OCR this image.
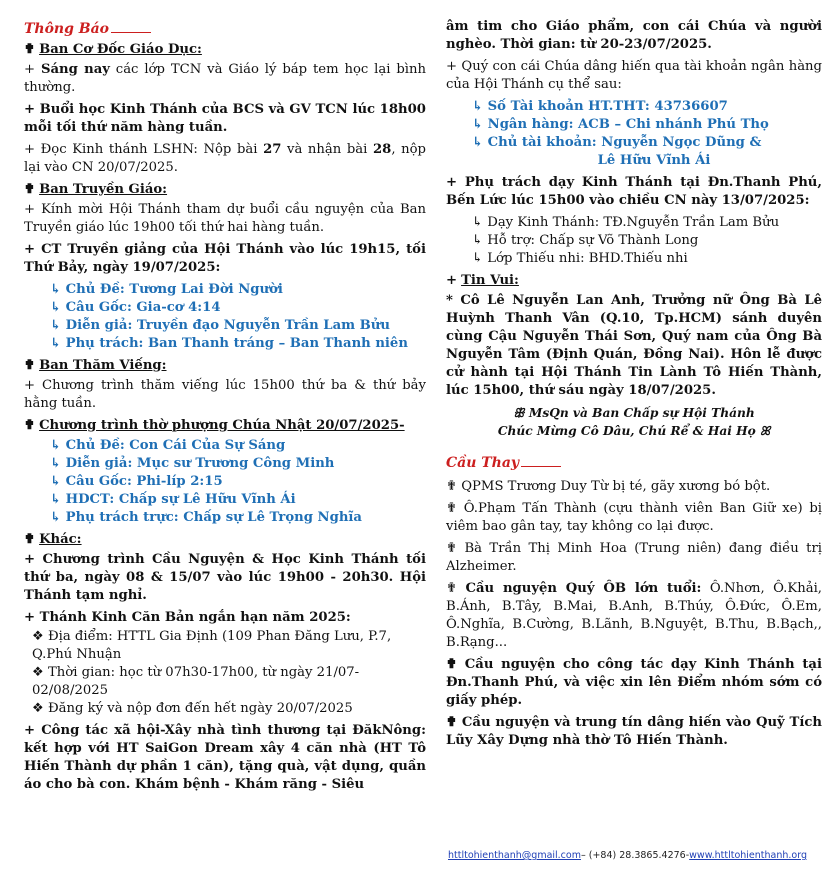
Thông Báo
✟ Ban Cơ Đốc Giáo Dục:

+ Sáng nay các lớp TCN và Giáo lý báp tem học lại bình thường.

+ Buổi học Kinh Thánh của BCS và GV TCN lúc 18h00 mỗi tối thứ năm hàng tuần.

+ Đọc Kinh thánh LSHN: Nộp bài 27 và nhận bài 28, nộp lại vào CN 20/07/2025.

✟ Ban Truyền Giáo:

+ Kính mời Hội Thánh tham dự buổi cầu nguyện của Ban Truyền giáo lúc 19h00 tối thứ hai hàng tuần.

+ CT Truyền giảng của Hội Thánh vào lúc 19h15, tối Thứ Bảy, ngày 19/07/2025:

↳ Chủ Đề: Tương Lai Đời Người
↳ Câu Gốc: Gia-cơ 4:14
↳ Diễn giả: Truyền đạo Nguyễn Trần Lam Bửu
↳ Phụ trách: Ban Thanh tráng – Ban Thanh niên
✟ Ban Thăm Viếng:

+ Chương trình thăm viếng lúc 15h00 thứ ba & thứ bảy hằng tuần.

✟ Chương trình thờ phượng Chúa Nhật 20/07/2025-
↳ Chủ Đề: Con Cái Của Sự Sáng
↳ Diễn giả: Mục sư Trương Công Minh
↳ Câu Gốc: Phi-líp 2:15
↳ HDCT: Chấp sự Lê Hữu Vĩnh Ái
↳ Phụ trách trực: Chấp sự Lê Trọng Nghĩa
✟ Khác:

+ Chương trình Cầu Nguyện & Học Kinh Thánh tối thứ ba, ngày 08 & 15/07 vào lúc 19h00 - 20h30. Hội Thánh tạm nghỉ.

+ Thánh Kinh Căn Bản ngắn hạn năm 2025:

❖ Địa điểm: HTTL Gia Định (109 Phan Đăng Lưu, P.7, Q.Phú Nhuận
❖ Thời gian: học từ 07h30-17h00, từ ngày 21/07-02/08/2025
❖ Đăng ký và nộp đơn đến hết ngày 20/07/2025

+ Công tác xã hội-Xây nhà tình thương tại ĐăkNông: kết hợp với HT SaiGon Dream xây 4 căn nhà (HT Tô Hiến Thành dự phần 1 căn), tặng quà, vật dụng, quần áo cho bà con. Khám bệnh - Khám răng - Siêu

âm tim cho Giáo phẩm, con cái Chúa và người nghèo. Thời gian: từ 20-23/07/2025.

+ Quý con cái Chúa dâng hiến qua tài khoản ngân hàng của Hội Thánh cụ thể sau:

↳ Số Tài khoản HT.THT: 43736607
↳ Ngân hàng: ACB – Chi nhánh Phú Thọ
↳ Chủ tài khoản: Nguyễn Ngọc Dũng &
Lê Hữu Vĩnh Ái

+ Phụ trách dạy Kinh Thánh tại Đn.Thanh Phú, Bến Lức lúc 15h00 vào chiều CN này 13/07/2025:

↳ Dạy Kinh Thánh: TĐ.Nguyễn Trần Lam Bửu
↳ Hỗ trợ: Chấp sự Võ Thành Long
↳ Lớp Thiếu nhi: BHD.Thiếu nhi
+ Tin Vui:

* Cô Lê Nguyễn Lan Anh, Trưởng nữ Ông Bà Lê Huỳnh Thanh Vân (Q.10, Tp.HCM) sánh duyên cùng Cậu Nguyễn Thái Sơn, Quý nam của Ông Bà Nguyễn Tâm (Định Quán, Đồng Nai). Hôn lễ được cử hành tại Hội Thánh Tin Lành Tô Hiến Thành, lúc 15h00, thứ sáu ngày 18/07/2025.

ꕥ MsQn và Ban Chấp sự Hội Thánh
Chúc Mừng Cô Dâu, Chú Rể & Hai Họ ꕤ
Cầu Thay

✟ QPMS Trương Duy Từ bị té, gãy xương bó bột.

✟ Ô.Phạm Tấn Thành (cựu thành viên Ban Giữ xe) bị viêm bao gân tay, tay không co lại được.

✟ Bà Trần Thị Minh Hoa (Trung niên) đang điều trị Alzheimer.

✟ Cầu nguyện Quý ÔB lớn tuổi: Ô.Nhơn, Ô.Khải, B.Ánh, B.Tây, B.Mai, B.Anh, B.Thúy, Ô.Đức, Ô.Em, Ô.Nghĩa, B.Cường, B.Lãnh, B.Nguyệt, B.Thu, B.Bạch,, B.Rạng...

✟ Cầu nguyện cho công tác dạy Kinh Thánh tại Đn.Thanh Phú, và việc xin lên Điểm nhóm sớm có giấy phép.

✟ Cầu nguyện và trung tín dâng hiến vào Quỹ Tích Lũy Xây Dựng nhà thờ Tô Hiến Thành.

httltohienthanh@gmail.com– (+84) 28.3865.4276-www.httltohienthanh.org
